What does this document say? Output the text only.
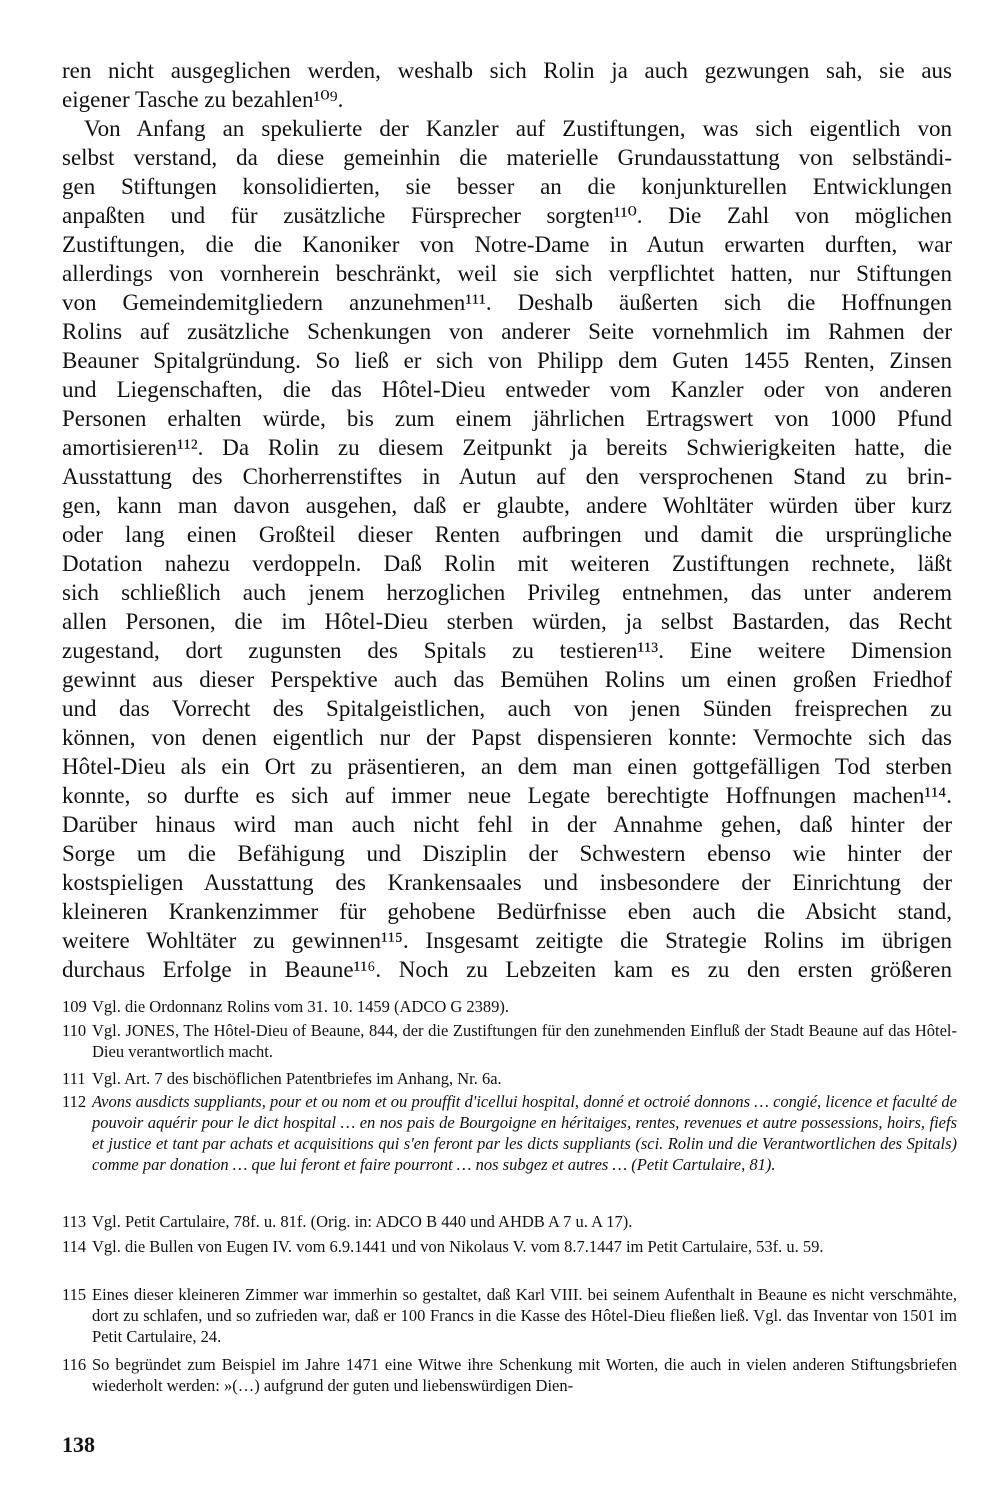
ren nicht ausgeglichen werden, weshalb sich Rolin ja auch gezwungen sah, sie aus
eigener Tasche zu bezahlen¹⁰⁹.
Von Anfang an spekulierte der Kanzler auf Zustiftungen, was sich eigentlich von
selbst verstand, da diese gemeinhin die materielle Grundausstattung von selbständi-
gen Stiftungen konsolidierten, sie besser an die konjunkturellen Entwicklungen
anpaßten und für zusätzliche Fürsprecher sorgten¹¹⁰. Die Zahl von möglichen
Zustiftungen, die die Kanoniker von Notre-Dame in Autun erwarten durften, war
allerdings von vornherein beschränkt, weil sie sich verpflichtet hatten, nur Stiftungen
von Gemeindemitgliedern anzunehmen¹¹¹. Deshalb äußerten sich die Hoffnungen
Rolins auf zusätzliche Schenkungen von anderer Seite vornehmlich im Rahmen der
Beauner Spitalgründung. So ließ er sich von Philipp dem Guten 1455 Renten, Zinsen
und Liegenschaften, die das Hôtel-Dieu entweder vom Kanzler oder von anderen
Personen erhalten würde, bis zum einem jährlichen Ertragswert von 1000 Pfund
amortisieren¹¹². Da Rolin zu diesem Zeitpunkt ja bereits Schwierigkeiten hatte, die
Ausstattung des Chorherrenstiftes in Autun auf den versprochenen Stand zu brin-
gen, kann man davon ausgehen, daß er glaubte, andere Wohltäter würden über kurz
oder lang einen Großteil dieser Renten aufbringen und damit die ursprüngliche
Dotation nahezu verdoppeln. Daß Rolin mit weiteren Zustiftungen rechnete, läßt
sich schließlich auch jenem herzoglichen Privileg entnehmen, das unter anderem
allen Personen, die im Hôtel-Dieu sterben würden, ja selbst Bastarden, das Recht
zugestand, dort zugunsten des Spitals zu testieren¹¹³. Eine weitere Dimension
gewinnt aus dieser Perspektive auch das Bemühen Rolins um einen großen Friedhof
und das Vorrecht des Spitalgeistlichen, auch von jenen Sünden freisprechen zu
können, von denen eigentlich nur der Papst dispensieren konnte: Vermochte sich das
Hôtel-Dieu als ein Ort zu präsentieren, an dem man einen gottgefälligen Tod sterben
konnte, so durfte es sich auf immer neue Legate berechtigte Hoffnungen machen¹¹⁴.
Darüber hinaus wird man auch nicht fehl in der Annahme gehen, daß hinter der
Sorge um die Befähigung und Disziplin der Schwestern ebenso wie hinter der
kostspieligen Ausstattung des Krankensaales und insbesondere der Einrichtung der
kleineren Krankenzimmer für gehobene Bedürfnisse eben auch die Absicht stand,
weitere Wohltäter zu gewinnen¹¹⁵. Insgesamt zeitigte die Strategie Rolins im übrigen
durchaus Erfolge in Beaune¹¹⁶. Noch zu Lebzeiten kam es zu den ersten größeren
109 Vgl. die Ordonnanz Rolins vom 31. 10. 1459 (ADCO G 2389).
110 Vgl. JONES, The Hôtel-Dieu of Beaune, 844, der die Zustiftungen für den zunehmenden Einfluß der Stadt Beaune auf das Hôtel-Dieu verantwortlich macht.
111 Vgl. Art. 7 des bischöflichen Patentbriefes im Anhang, Nr. 6a.
112 Avons ausdicts suppliants, pour et ou nom et ou prouffit d'icellui hospital, donné et octroié donnons … congié, licence et faculté de pouvoir aquérir pour le dict hospital … en nos pais de Bourgoigne en héritaiges, rentes, revenues et autre possessions, hoirs, fiefs et justice et tant par achats et acquisitions qui s'en feront par les dicts suppliants (sci. Rolin und die Verantwortlichen des Spitals) comme par donation … que lui feront et faire pourront … nos subgez et autres … (Petit Cartulaire, 81).
113 Vgl. Petit Cartulaire, 78f. u. 81f. (Orig. in: ADCO B 440 und AHDB A 7 u. A 17).
114 Vgl. die Bullen von Eugen IV. vom 6.9.1441 und von Nikolaus V. vom 8.7.1447 im Petit Cartulaire, 53f. u. 59.
115 Eines dieser kleineren Zimmer war immerhin so gestaltet, daß Karl VIII. bei seinem Aufenthalt in Beaune es nicht verschmähte, dort zu schlafen, und so zufrieden war, daß er 100 Francs in die Kasse des Hôtel-Dieu fließen ließ. Vgl. das Inventar von 1501 im Petit Cartulaire, 24.
116 So begründet zum Beispiel im Jahre 1471 eine Witwe ihre Schenkung mit Worten, die auch in vielen anderen Stiftungsbriefen wiederholt werden: »(…) aufgrund der guten und liebenswürdigen Dien-
138
